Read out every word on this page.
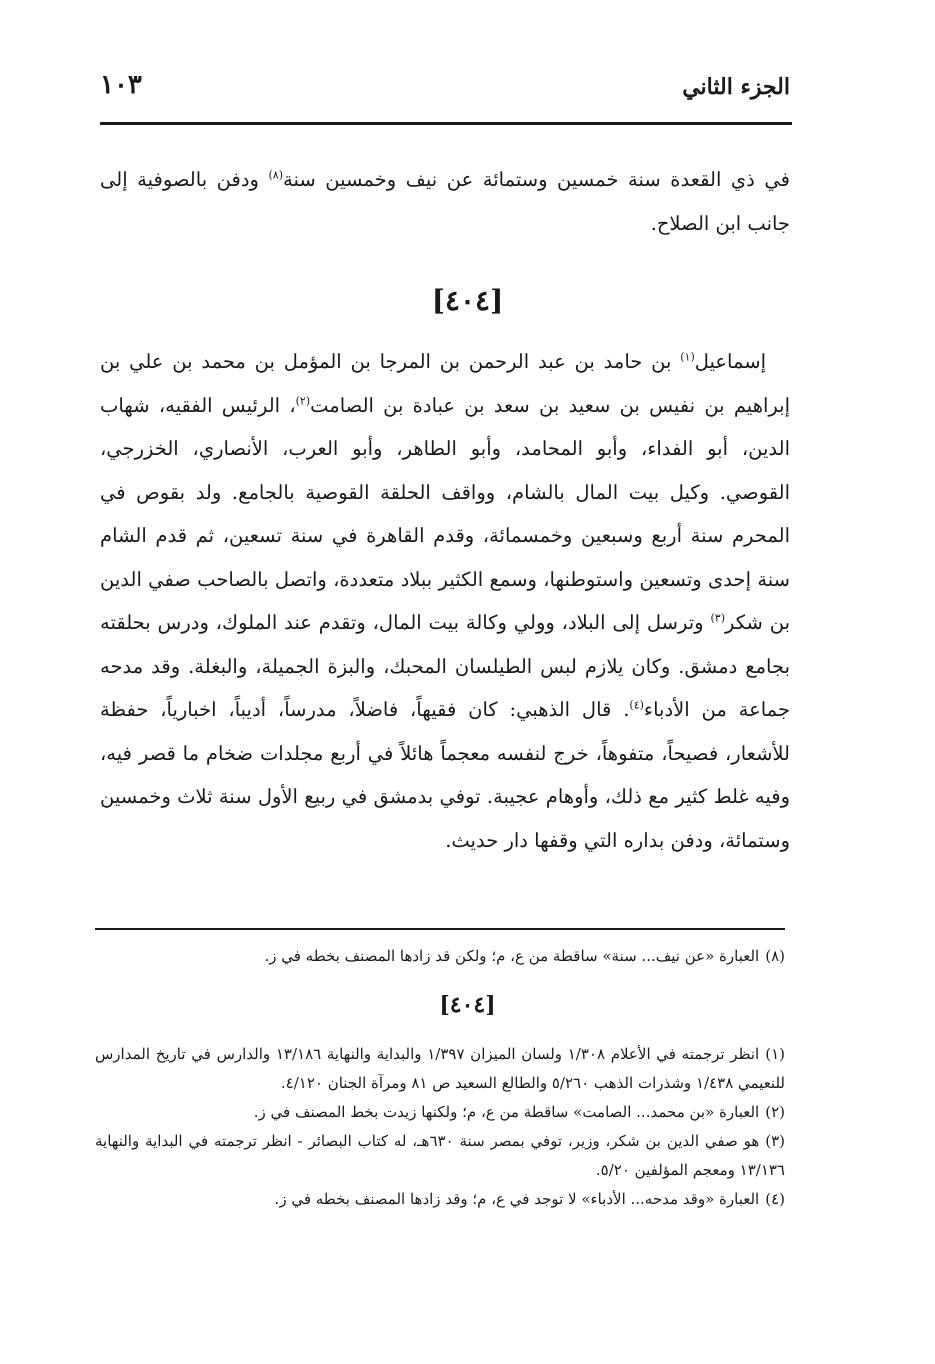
الجزء الثاني
١٠٣
في ذي القعدة سنة خمسين وستمائة عن نيف وخمسين سنة$^{(٨)}$ ودفن بالصوفية إلى جانب ابن الصلاح.
[٤٠٤]
إسماعيل$^{(١)}$ بن حامد بن عبد الرحمن بن المرجا بن المؤمل بن محمد بن علي بن إبراهيم بن نفيس بن سعيد بن سعد بن عبادة بن الصامت$^{(٢)}$، الرئيس الفقيه، شهاب الدين، أبو الفداء، وأبو المحامد، وأبو الطاهر، وأبو العرب، الأنصاري، الخزرجي، القوصي. وكيل بيت المال بالشام، وواقف الحلقة القوصية بالجامع. ولد بقوص في المحرم سنة أربع وسبعين وخمسمائة، وقدم القاهرة في سنة تسعين، ثم قدم الشام سنة إحدى وتسعين واستوطنها، وسمع الكثير ببلاد متعددة، واتصل بالصاحب صفي الدين بن شكر$^{(٣)}$ وترسل إلى البلاد، وولي وكالة بيت المال، وتقدم عند الملوك، ودرس بحلقته بجامع دمشق. وكان يلازم لبس الطيلسان المحبك، والبزة الجميلة، والبغلة. وقد مدحه جماعة من الأدباء$^{(٤)}$. قال الذهبي: كان فقيهاً، فاضلاً، مدرساً، أديباً، اخبارياً، حفظة للأشعار، فصيحاً، متفوهاً، خرج لنفسه معجماً هائلاً في أربع مجلدات ضخام ما قصر فيه، وفيه غلط كثير مع ذلك، وأوهام عجيبة. توفي بدمشق في ربيع الأول سنة ثلاث وخمسين وستمائة، ودفن بداره التي وقفها دار حديث.

(٨)العبارة «عن نيف... سنة» ساقطة من ع، م؛ ولكن قد زادها المصنف بخطه في ز.

[٤٠٤]

(١)انظر ترجمته في الأعلام ١/٣٠٨ ولسان الميزان ١/٣٩٧ والبداية والنهاية ١٣/١٨٦ والدارس في تاريخ المدارس للنعيمي ١/٤٣٨ وشذرات الذهب ٥/٢٦٠ والطالع السعيد ص ٨١ ومرآة الجنان ٤/١٢٠.

(٢)العبارة «بن محمد... الصامت» ساقطة من ع، م؛ ولكنها زيدت بخط المصنف في ز.

(٣)هو صفي الدين بن شكر، وزير، توفي بمصر سنة ٦٣٠هـ، له كتاب البصائر - انظر ترجمته في البداية والنهاية ١٣/١٣٦ ومعجم المؤلفين ٥/٢٠.

(٤)العبارة «وقد مدحه... الأدباء» لا توجد في ع، م؛ وقد زادها المصنف بخطه في ز.
